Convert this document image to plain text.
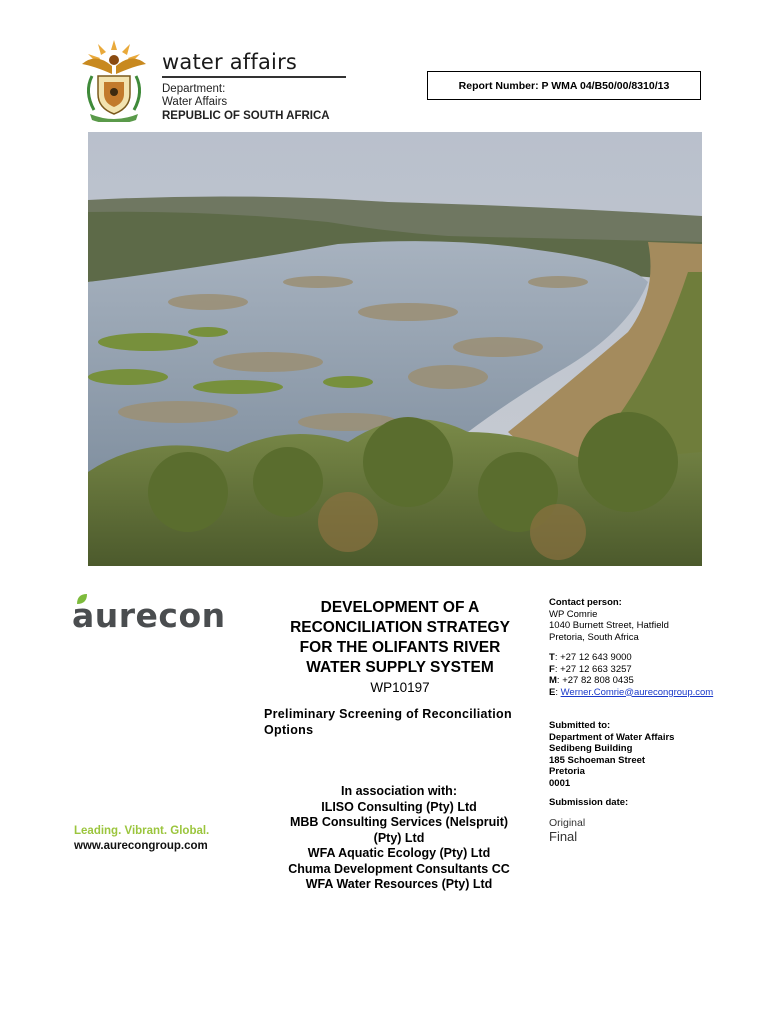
water affairs
Department:
Water Affairs
REPUBLIC OF SOUTH AFRICA
Report Number: P WMA 04/B50/00/8310/13
aurecon
Leading. Vibrant. Global.
www.aurecongroup.com
DEVELOPMENT OF A
RECONCILIATION STRATEGY
FOR THE OLIFANTS RIVER
WATER SUPPLY SYSTEM
WP10197
Preliminary Screening of Reconciliation
Options
In association with:
ILISO Consulting (Pty) Ltd
MBB Consulting Services (Nelspruit)
(Pty) Ltd
WFA Aquatic Ecology (Pty) Ltd
Chuma Development Consultants CC
WFA Water Resources (Pty) Ltd
Contact person:
WP Comrie
1040 Burnett Street, Hatfield
Pretoria, South Africa
T: +27 12 643 9000
F: +27 12 663 3257
M: +27 82 808 0435
E: Werner.Comrie@aurecongroup.com
Submitted to:
Department of Water Affairs
Sedibeng Building
185 Schoeman Street
Pretoria
0001
Submission date:
Original
Final
